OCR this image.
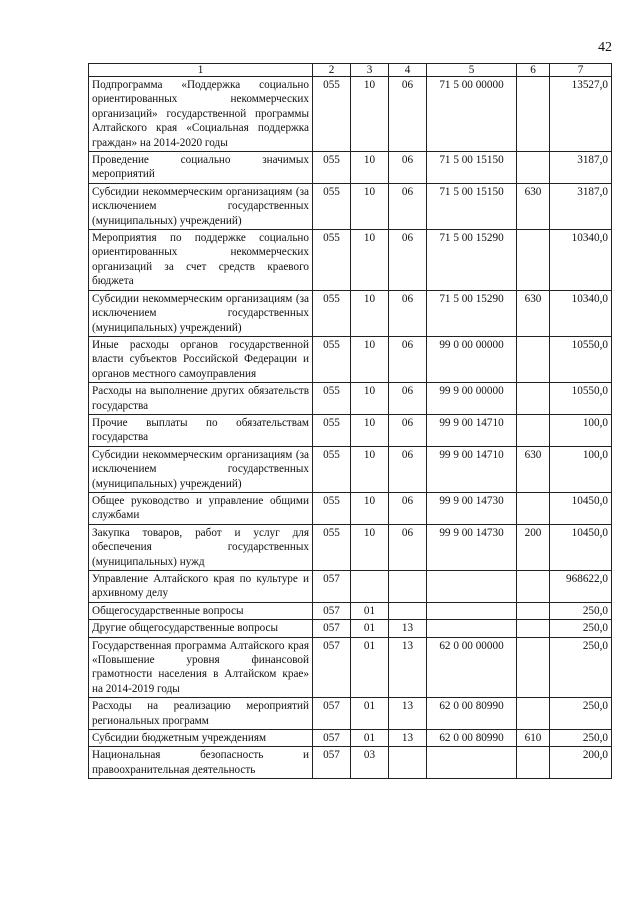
42
1	2	3	4	5	6	7
Подпрограмма «Поддержка социально ориентированных некоммерческих организаций» государственной программы Алтайского края «Социальная поддержка граждан» на 2014-2020 годы	055	10	06	71 5 00 00000		13527,0
Проведение социально значимых мероприятий	055	10	06	71 5 00 15150		3187,0
Субсидии некоммерческим организациям (за исключением государственных (муниципальных) учреждений)	055	10	06	71 5 00 15150	630	3187,0
Мероприятия по поддержке социально ориентированных некоммерческих организаций за счет средств краевого бюджета	055	10	06	71 5 00 15290		10340,0
Субсидии некоммерческим организациям (за исключением государственных (муниципальных) учреждений)	055	10	06	71 5 00 15290	630	10340,0
Иные расходы органов государственной власти субъектов Российской Федерации и органов местного самоуправления	055	10	06	99 0 00 00000		10550,0
Расходы на выполнение других обязательств государства	055	10	06	99 9 00 00000		10550,0
Прочие выплаты по обязательствам государства	055	10	06	99 9 00 14710		100,0
Субсидии некоммерческим организациям (за исключением государственных (муниципальных) учреждений)	055	10	06	99 9 00 14710	630	100,0
Общее руководство и управление общими службами	055	10	06	99 9 00 14730		10450,0
Закупка товаров, работ и услуг для обеспечения государственных (муниципальных) нужд	055	10	06	99 9 00 14730	200	10450,0
Управление Алтайского края по культуре и архивному делу	057					968622,0
Общегосударственные вопросы	057	01				250,0
Другие общегосударственные вопросы	057	01	13			250,0
Государственная программа Алтайского края «Повышение уровня финансовой грамотности населения в Алтайском крае» на 2014-2019 годы	057	01	13	62 0 00 00000		250,0
Расходы на реализацию мероприятий региональных программ	057	01	13	62 0 00 80990		250,0
Субсидии бюджетным учреждениям	057	01	13	62 0 00 80990	610	250,0
Национальная безопасность и правоохранительная деятельность	057	03				200,0
